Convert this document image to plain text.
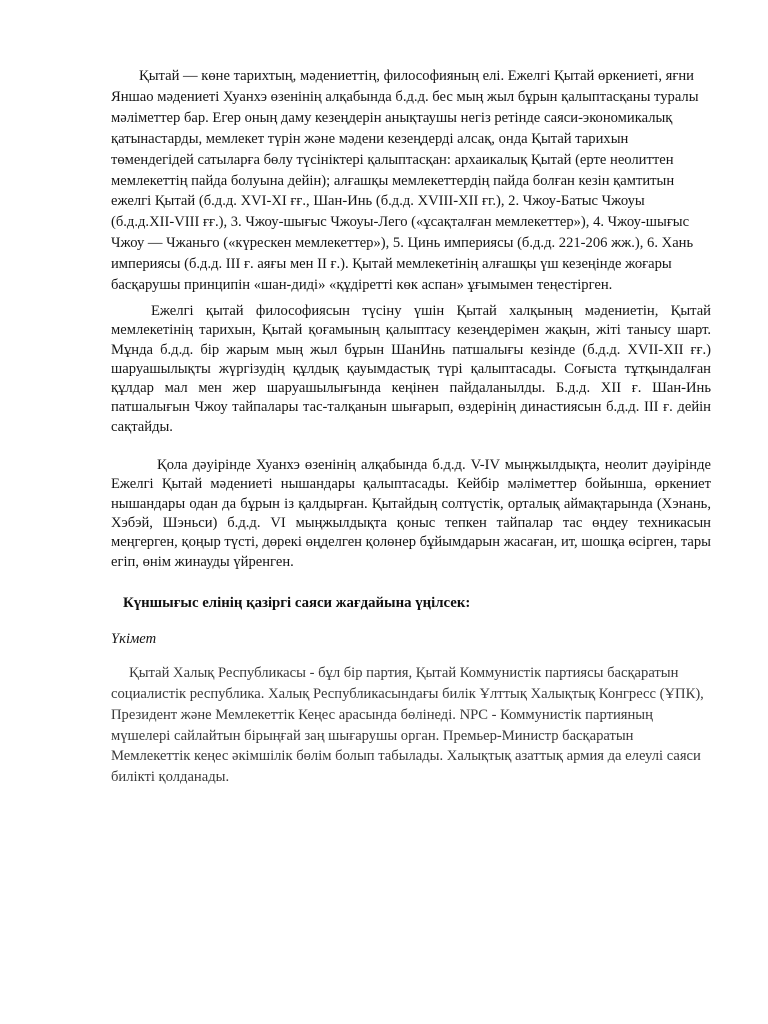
Қытай — көне тарихтың, мәдениеттің, философияның елі. Ежелгі Қытай өркениеті, яғни Яншао мәдениеті Хуанхэ өзенінің алқабында б.д.д. бес мың жыл бұрын қалыптасқаны туралы мәліметтер бар. Егер оның даму кезеңдерін анықтаушы негіз ретінде саяси-экономикалық қатынастарды, мемлекет түрін және мәдени кезеңдерді алсақ, онда Қытай тарихын төмендегідей сатыларға бөлу түсініктері қалыптасқан: архаикалық Қытай (ерте неолиттен мемлекеттің пайда болуына дейін); алғашқы мемлекеттердің пайда болған кезін қамтитын ежелгі Қытай (б.д.д. XVI-XI ғғ., Шан-Инь (б.д.д. XVIII-XII ғг.), 2. Чжоу-Батыс Чжоуы (б.д.д.XII-VIII ғғ.), 3. Чжоу-шығыс Чжоуы-Лего («ұсақталған мемлекеттер»), 4. Чжоу-шығыс Чжоу — Чжаньго («күрескен мемлекеттер»), 5. Цинь империясы (б.д.д. 221-206 жж.), 6. Хань империясы (б.д.д. III ғ. аяғы мен II ғ.). Қытай мемлекетінің алғашқы үш кезеңінде жоғары басқарушы принципін «шан-диді» «құдіретті көк аспан» ұғымымен теңестірген.

Ежелгі қытай философиясын түсіну үшін Қытай халқының мәдениетін, Қытай мемлекетінің тарихын, Қытай қоғамының қалыптасу кезеңдерімен жақын, жіті танысу шарт. Мұнда б.д.д. бір жарым мың жыл бұрын ШанИнь патшалығы кезінде (б.д.д. XVII-XII ғғ.) шаруашылықты жүргізудің құлдық қауымдастық түрі қалыптасады. Соғыста тұтқындалған құлдар мал мен жер шаруашылығында кеңінен пайдаланылды. Б.д.д. XII ғ. Шан-Инь патшалығын Чжоу тайпалары тас-талқанын шығарып, өздерінің династиясын б.д.д. III ғ. дейін сақтайды.

Қола дәуірінде Хуанхэ өзенінің алқабында б.д.д. V-IV мыңжылдықта, неолит дәуірінде Ежелгі Қытай мәдениеті нышандары қалыптасады. Кейбір мәліметтер бойынша, өркениет нышандары одан да бұрын із қалдырған. Қытайдың солтүстік, орталық аймақтарында (Хэнань, Хэбэй, Шэньси) б.д.д. VI мыңжылдықта қоныс тепкен тайпалар тас өңдеу техникасын меңгерген, қоңыр түсті, дөрекі өңделген қолөнер бұйымдарын жасаған, ит, шошқа өсірген, тары егіп, өнім жинауды үйренген.

Күншығыс елінің қазіргі саяси жағдайына үңілсек:
Үкімет

Қытай Халық Республикасы - бұл бір партия, Қытай Коммунистік партиясы басқаратын социалистік республика. Халық Республикасындағы билік Ұлттық Халықтық Конгресс (ҰПК), Президент және Мемлекеттік Кеңес арасында бөлінеді. NPC - Коммунистік партияның мүшелері сайлайтын бірыңғай заң шығарушы орган. Премьер-Министр басқаратын Мемлекеттік кеңес әкімшілік бөлім болып табылады. Халықтық азаттық армия да елеулі саяси билікті қолданады.
